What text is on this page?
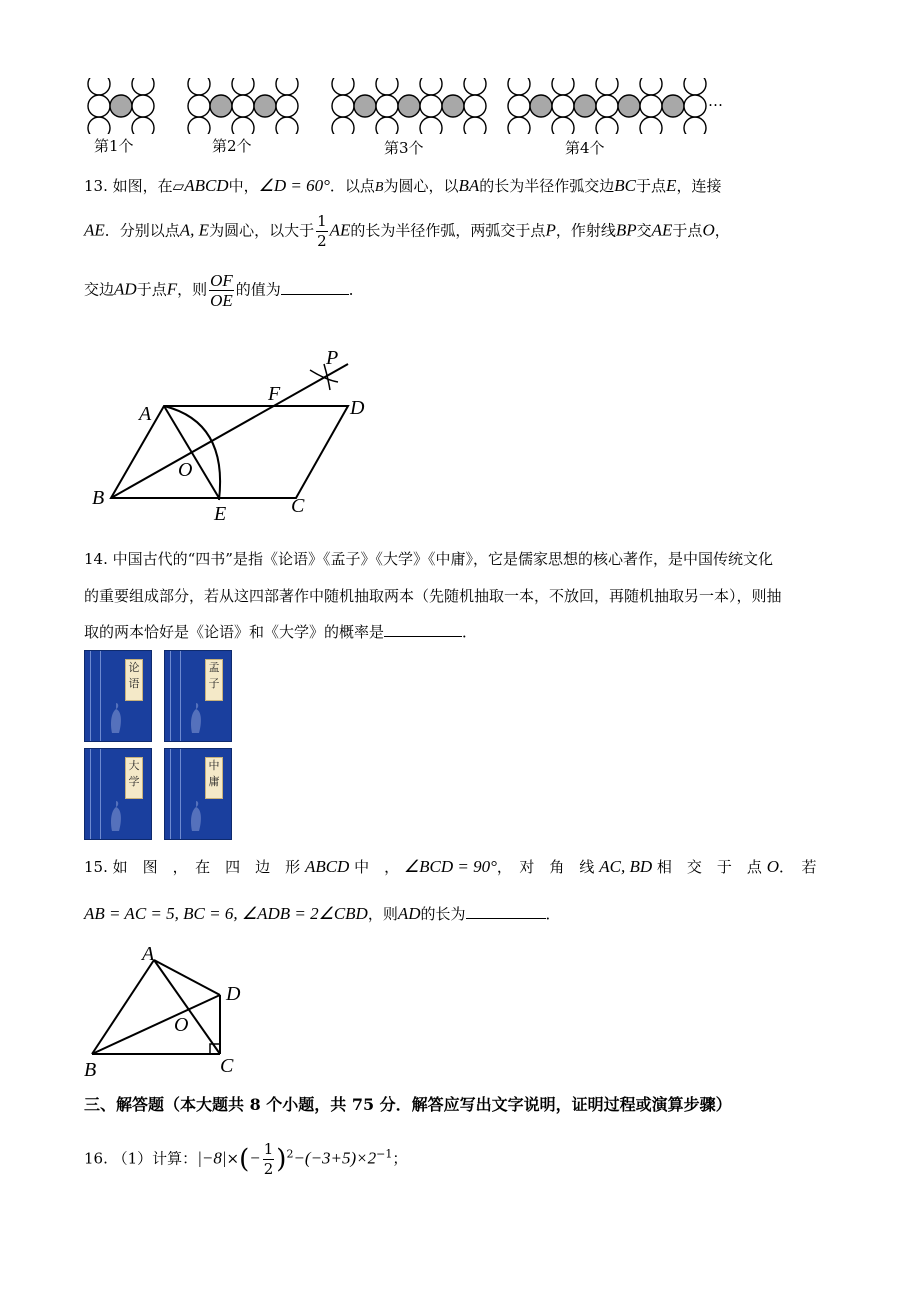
第1个	第2个	第3个	第4个
…
13. 如图，在▱ABCD中，∠D = 60°．以点B为圆心，以BA的长为半径作弧交边BC于点E，连接
AE．分别以点A, E为圆心，以大于 $\frac{1}{2}$ AE的长为半径作弧，两弧交于点P，作射线BP交AE于点O，
交边AD于点F，则 $\frac{OF}{OE}$ 的值为	．
A
F
D
P
O
B
E	C
14. 中国古代的“四书”是指《论语》《孟子》《大学》《中庸》，它是儒家思想的核心著作，是中国传统文化
的重要组成部分，若从这四部著作中随机抽取两本（先随机抽取一本，不放回，再随机抽取另一本），则抽
取的两本恰好是《论语》和《大学》的概率是	．
论
语
孟
子
大
学
中
庸
15. 如　图　，　在　四　边　形 ABCD 中　， ∠BCD = 90°，　对　角　线 AC, BD 相　交　于　点 O．　若
AB = AC = 5, BC = 6, ∠ADB = 2∠CBD，则AD的长为	．
A
D
O
B	C
三、解答题（本大题共 8 个小题，共 75 分．解答应写出文字说明，证明过程或演算步骤）
16. （1）计算：$|-8|\times(- \frac{1}{2} )^2-(-3+5)\times 2^{-1}$；
